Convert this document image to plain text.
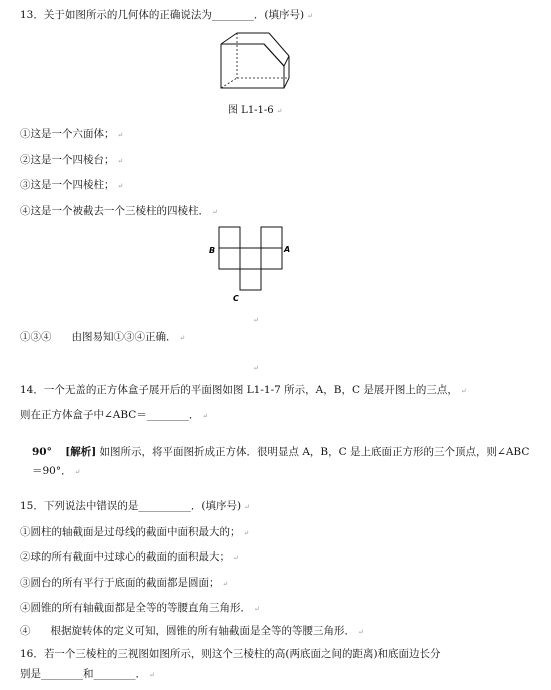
13．关于如图所示的几何体的正确说法为________．(填序号) ↵
图 L1-1-6 ↵
①这是一个六面体； ↵
②这是一个四棱台； ↵
③这是一个四棱柱； ↵
④这是一个被截去一个三棱柱的四棱柱． ↵
B	A
C
↵
①③④ 由图易知①③④正确． ↵
↵
14．一个无盖的正方体盒子展开后的平面图如图 L1-1-7 所示，A，B，C 是展开图上的三点， ↵
则在正方体盒子中∠ABC＝________． ↵
90° [解析] 如图所示，将平面图折成正方体．很明显点 A，B，C 是上底面正方形的三个顶点，则∠ABC
＝90°． ↵
15．下列说法中错误的是__________．(填序号) ↵
①圆柱的轴截面是过母线的截面中面积最大的； ↵
②球的所有截面中过球心的截面的面积最大； ↵
③圆台的所有平行于底面的截面都是圆面； ↵
④圆锥的所有轴截面都是全等的等腰直角三角形． ↵
④ 根据旋转体的定义可知，圆锥的所有轴截面是全等的等腰三角形． ↵
16．若一个三棱柱的三视图如图所示，则这个三棱柱的高(两底面之间的距离)和底面边长分
别是________和________． ↵
